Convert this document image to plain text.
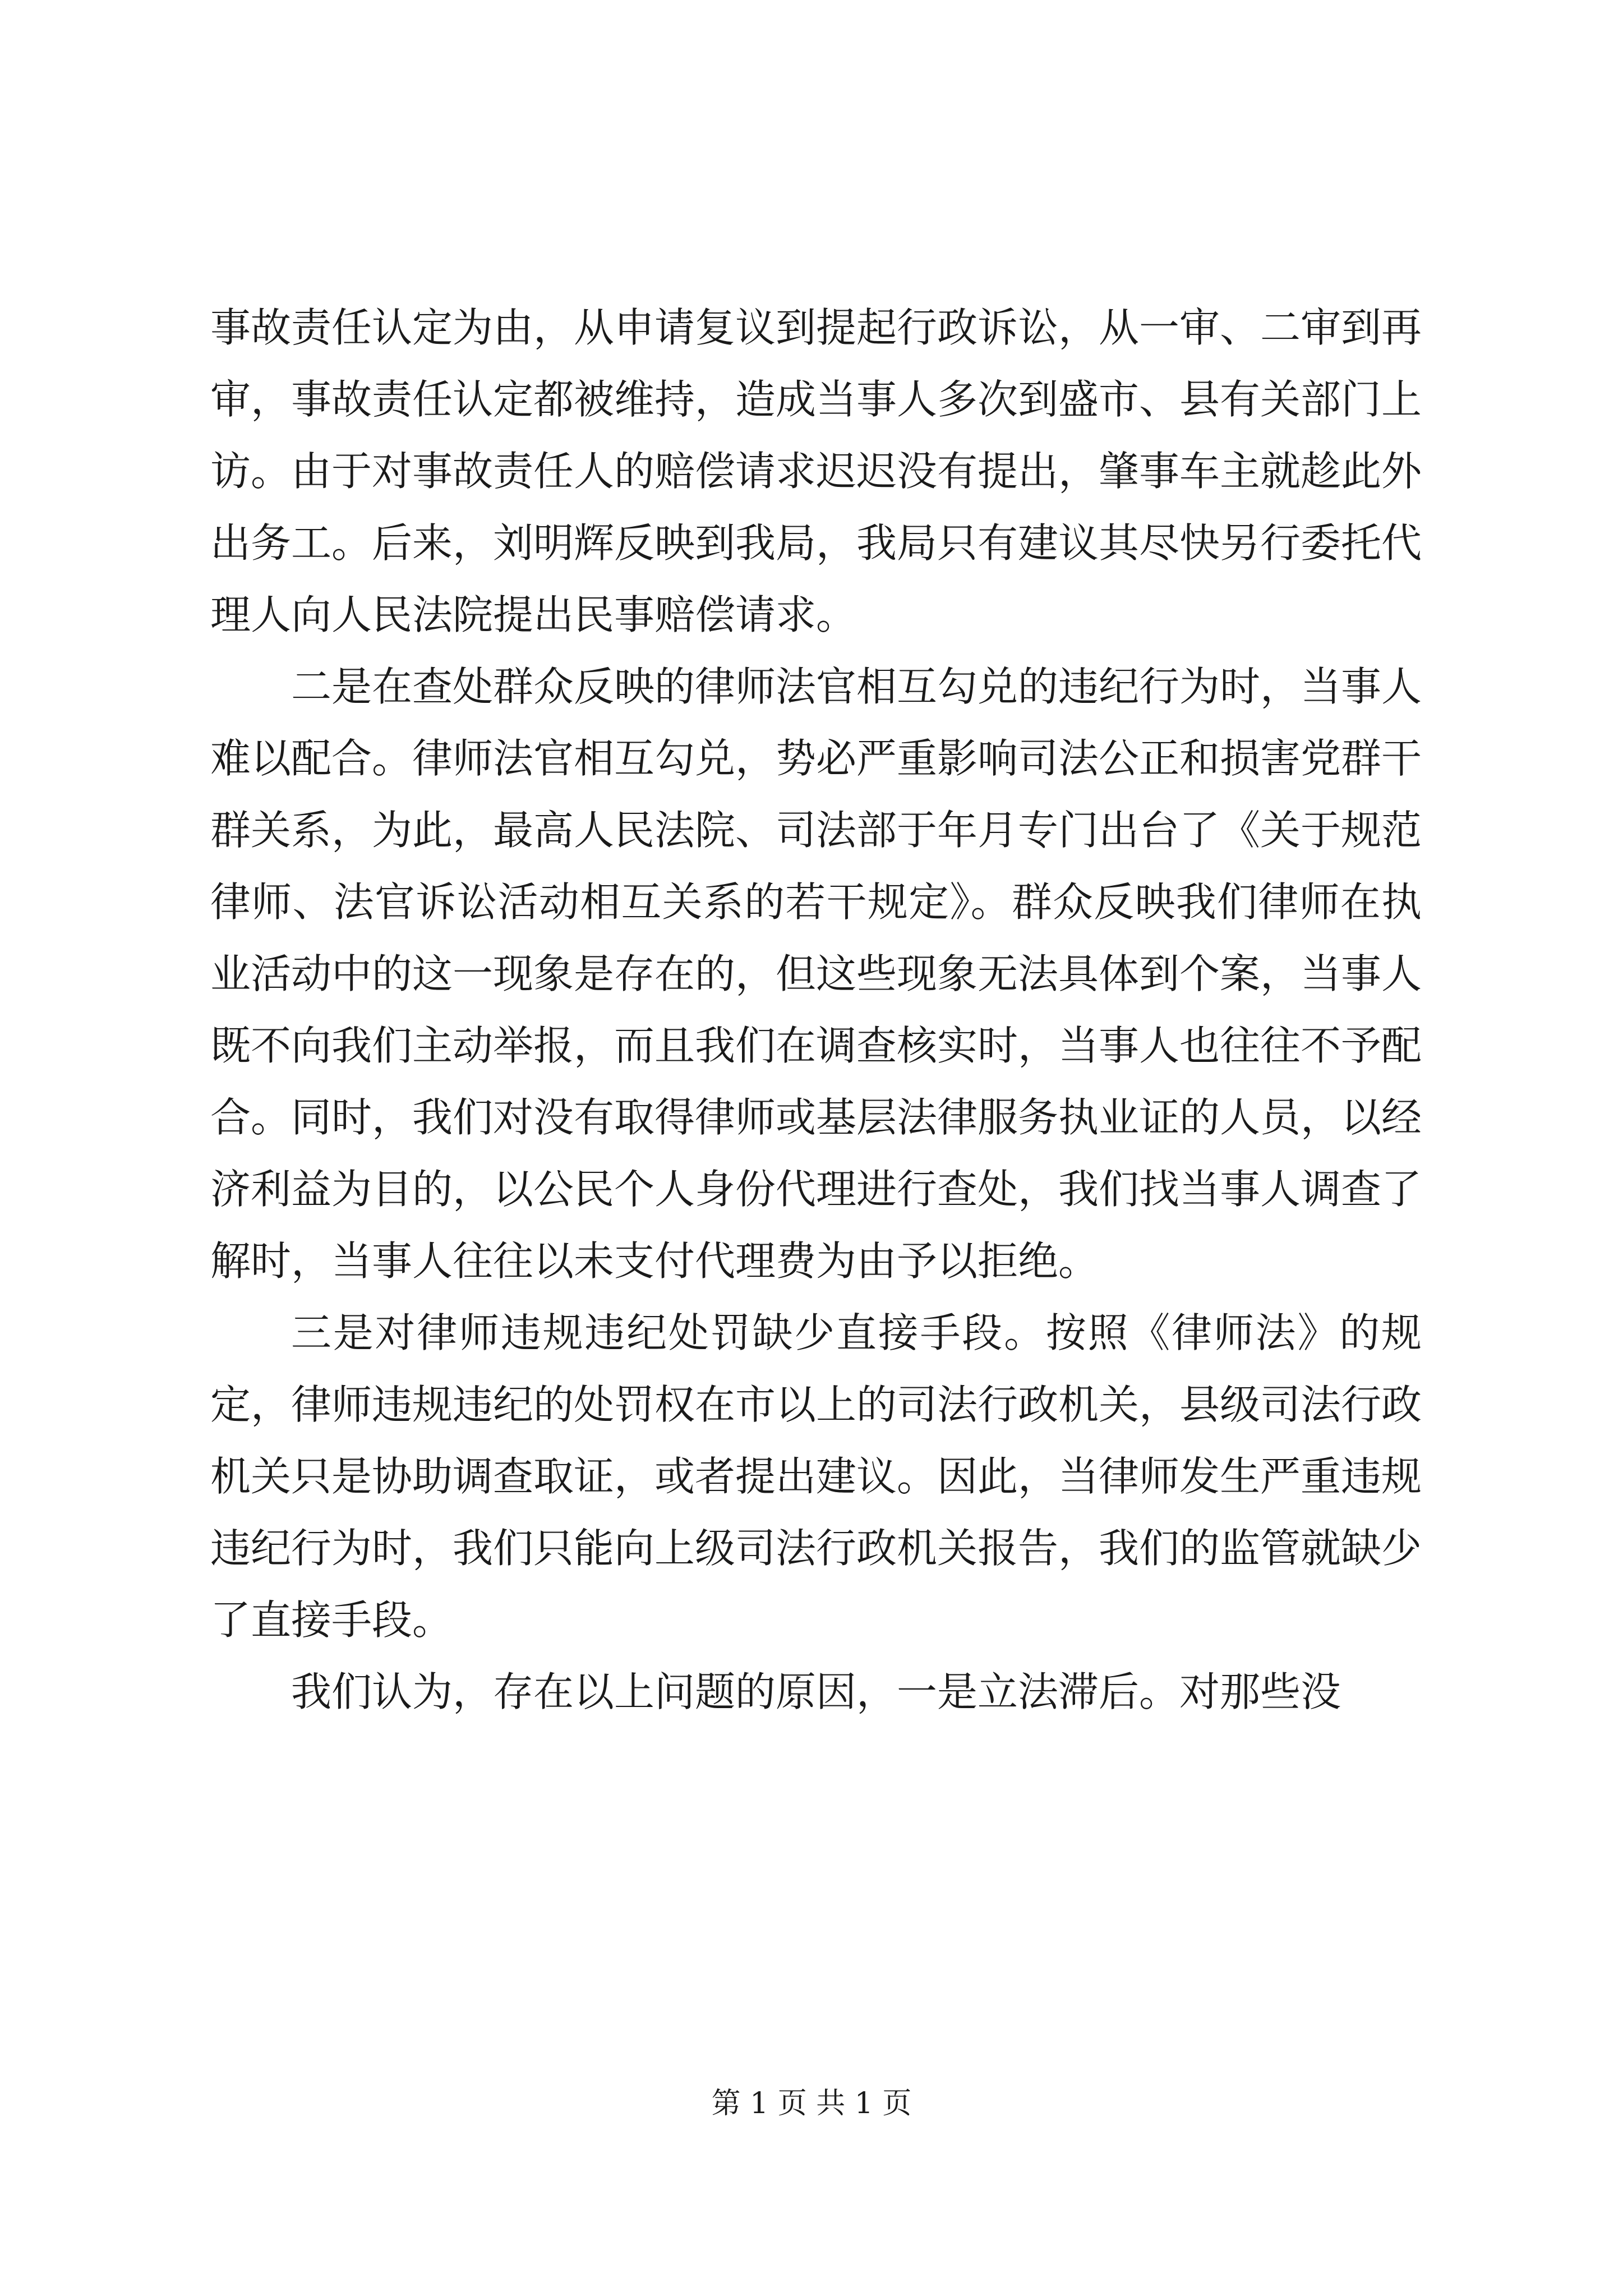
事故责任认定为由，从申请复议到提起行政诉讼，从一审、二审到再审，事故责任认定都被维持，造成当事人多次到盛市、县有关部门上访。由于对事故责任人的赔偿请求迟迟没有提出，肇事车主就趁此外出务工。后来，刘明辉反映到我局，我局只有建议其尽快另行委托代理人向人民法院提出民事赔偿请求。

二是在查处群众反映的律师法官相互勾兑的违纪行为时，当事人难以配合。律师法官相互勾兑，势必严重影响司法公正和损害党群干群关系，为此，最高人民法院、司法部于年月专门出台了《关于规范律师、法官诉讼活动相互关系的若干规定》。群众反映我们律师在执业活动中的这一现象是存在的，但这些现象无法具体到个案，当事人既不向我们主动举报，而且我们在调查核实时，当事人也往往不予配合。同时，我们对没有取得律师或基层法律服务执业证的人员，以经济利益为目的，以公民个人身份代理进行查处，我们找当事人调查了解时，当事人往往以未支付代理费为由予以拒绝。

三是对律师违规违纪处罚缺少直接手段。按照《律师法》的规定，律师违规违纪的处罚权在市以上的司法行政机关，县级司法行政机关只是协助调查取证，或者提出建议。因此，当律师发生严重违规违纪行为时，我们只能向上级司法行政机关报告，我们的监管就缺少了直接手段。

我们认为，存在以上问题的原因，一是立法滞后。对那些没

第 1 页 共 1 页
